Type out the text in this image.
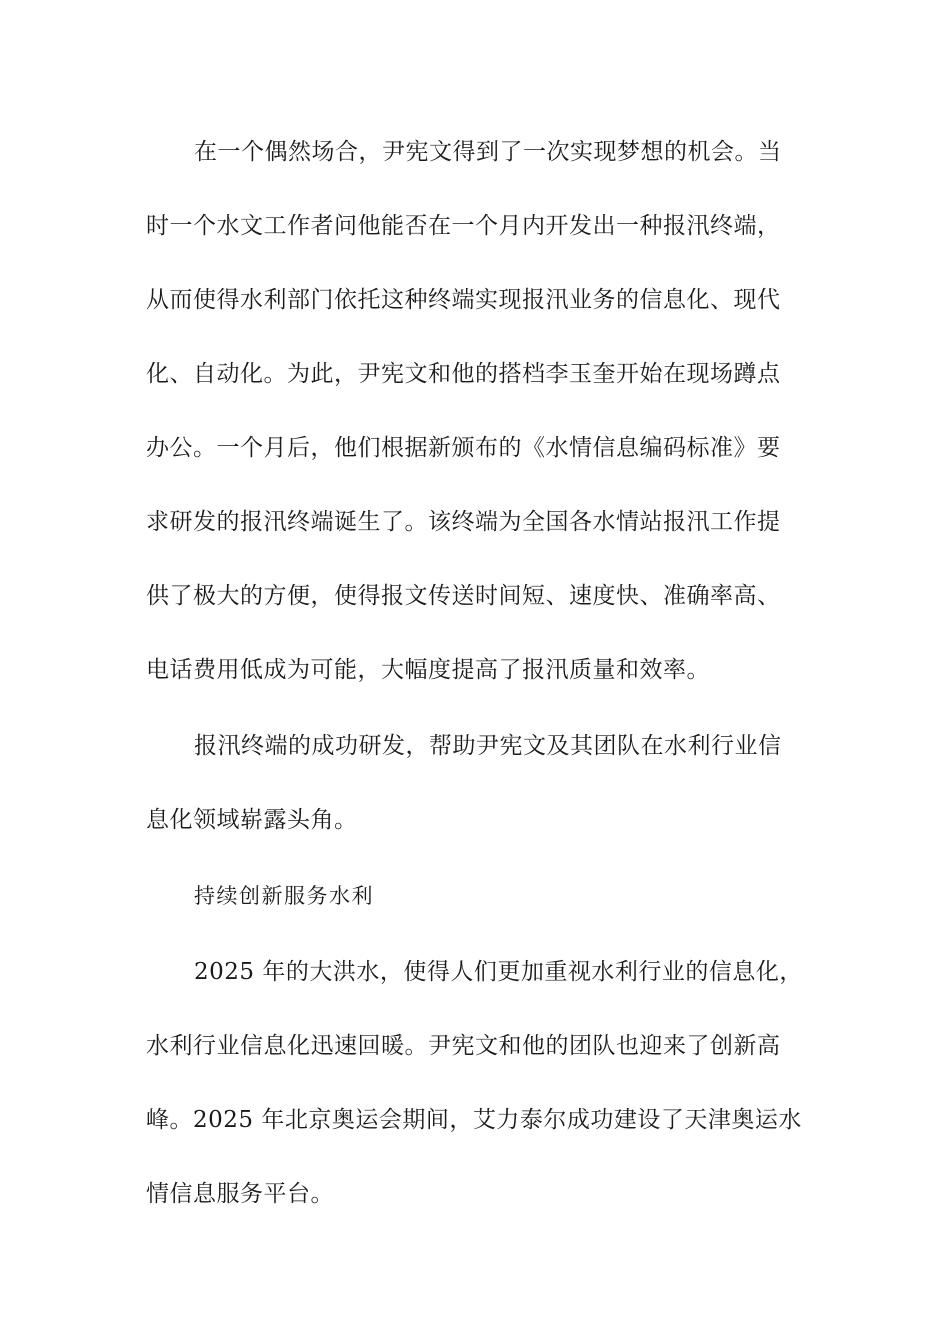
在一个偶然场合，尹宪文得到了一次实现梦想的机会。当
时一个水文工作者问他能否在一个月内开发出一种报汛终端，
从而使得水利部门依托这种终端实现报汛业务的信息化、现代
化、自动化。为此，尹宪文和他的搭档李玉奎开始在现场蹲点
办公。一个月后，他们根据新颁布的《水情信息编码标准》要
求研发的报汛终端诞生了。该终端为全国各水情站报汛工作提
供了极大的方便，使得报文传送时间短、速度快、准确率高、
电话费用低成为可能，大幅度提高了报汛质量和效率。
报汛终端的成功研发，帮助尹宪文及其团队在水利行业信
息化领域崭露头角。
持续创新服务水利
2025 年的大洪水，使得人们更加重视水利行业的信息化，
水利行业信息化迅速回暖。尹宪文和他的团队也迎来了创新高
峰。2025 年北京奥运会期间，艾力泰尔成功建设了天津奥运水
情信息服务平台。
